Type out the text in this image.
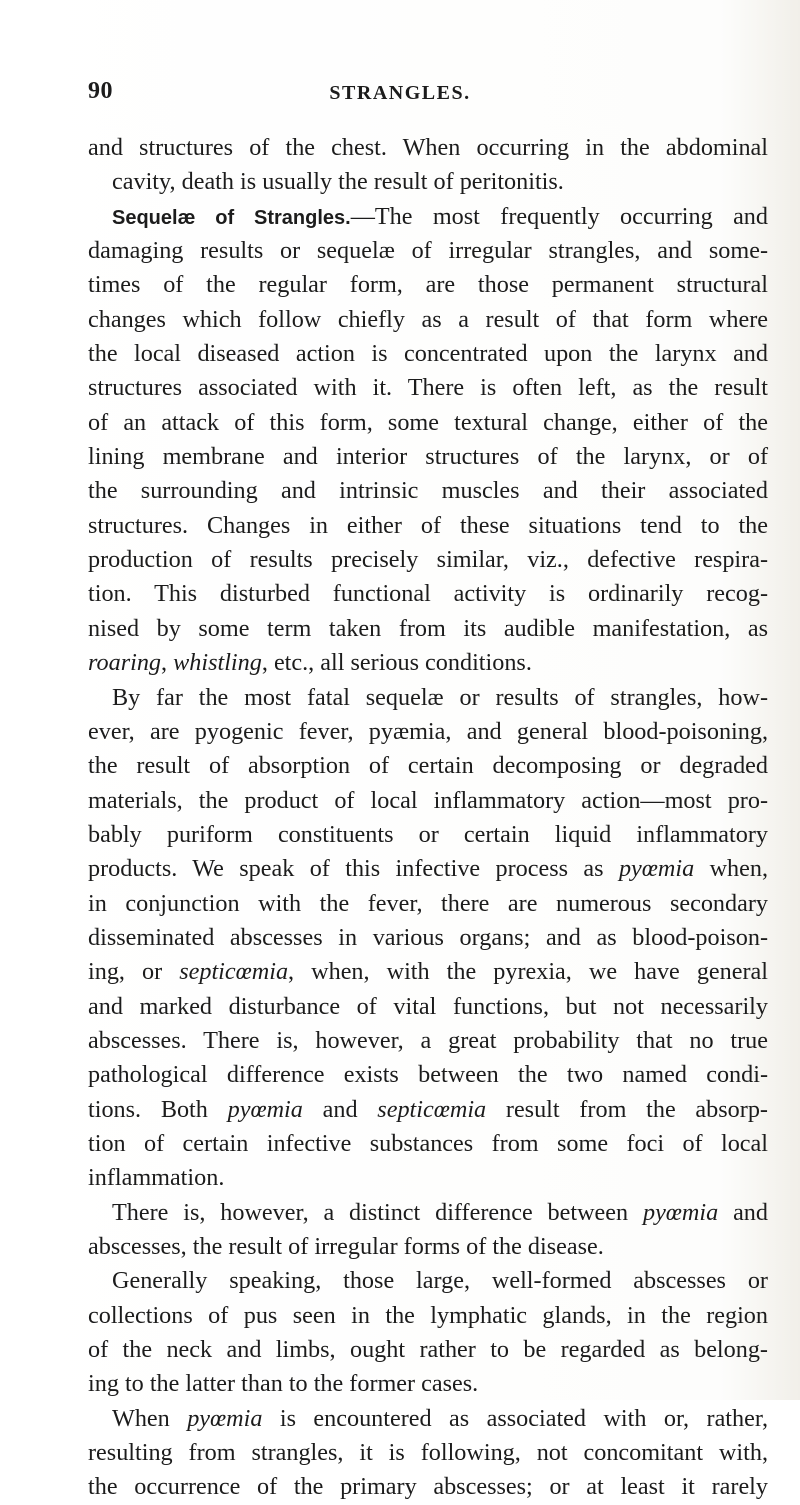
90	STRANGLES.
and structures of the chest. When occurring in the abdominal
cavity, death is usually the result of peritonitis.
Sequelæ of Strangles.—The most frequently occurring and
damaging results or sequelæ of irregular strangles, and some-
times of the regular form, are those permanent structural
changes which follow chiefly as a result of that form where
the local diseased action is concentrated upon the larynx and
structures associated with it. There is often left, as the result
of an attack of this form, some textural change, either of the
lining membrane and interior structures of the larynx, or of
the surrounding and intrinsic muscles and their associated
structures. Changes in either of these situations tend to the
production of results precisely similar, viz., defective respira-
tion. This disturbed functional activity is ordinarily recog-
nised by some term taken from its audible manifestation, as
roaring, whistling, etc., all serious conditions.
By far the most fatal sequelæ or results of strangles, how-
ever, are pyogenic fever, pyæmia, and general blood-poisoning,
the result of absorption of certain decomposing or degraded
materials, the product of local inflammatory action—most pro-
bably puriform constituents or certain liquid inflammatory
products. We speak of this infective process as pyœmia when,
in conjunction with the fever, there are numerous secondary
disseminated abscesses in various organs; and as blood-poison-
ing, or septicœmia, when, with the pyrexia, we have general
and marked disturbance of vital functions, but not necessarily
abscesses. There is, however, a great probability that no true
pathological difference exists between the two named condi-
tions. Both pyœmia and septicœmia result from the absorp-
tion of certain infective substances from some foci of local
inflammation.
There is, however, a distinct difference between pyœmia and
abscesses, the result of irregular forms of the disease.
Generally speaking, those large, well-formed abscesses or
collections of pus seen in the lymphatic glands, in the region
of the neck and limbs, ought rather to be regarded as belong-
ing to the latter than to the former cases.
When pyœmia is encountered as associated with or, rather,
resulting from strangles, it is following, not concomitant with,
the occurrence of the primary abscesses; or at least it rarely
